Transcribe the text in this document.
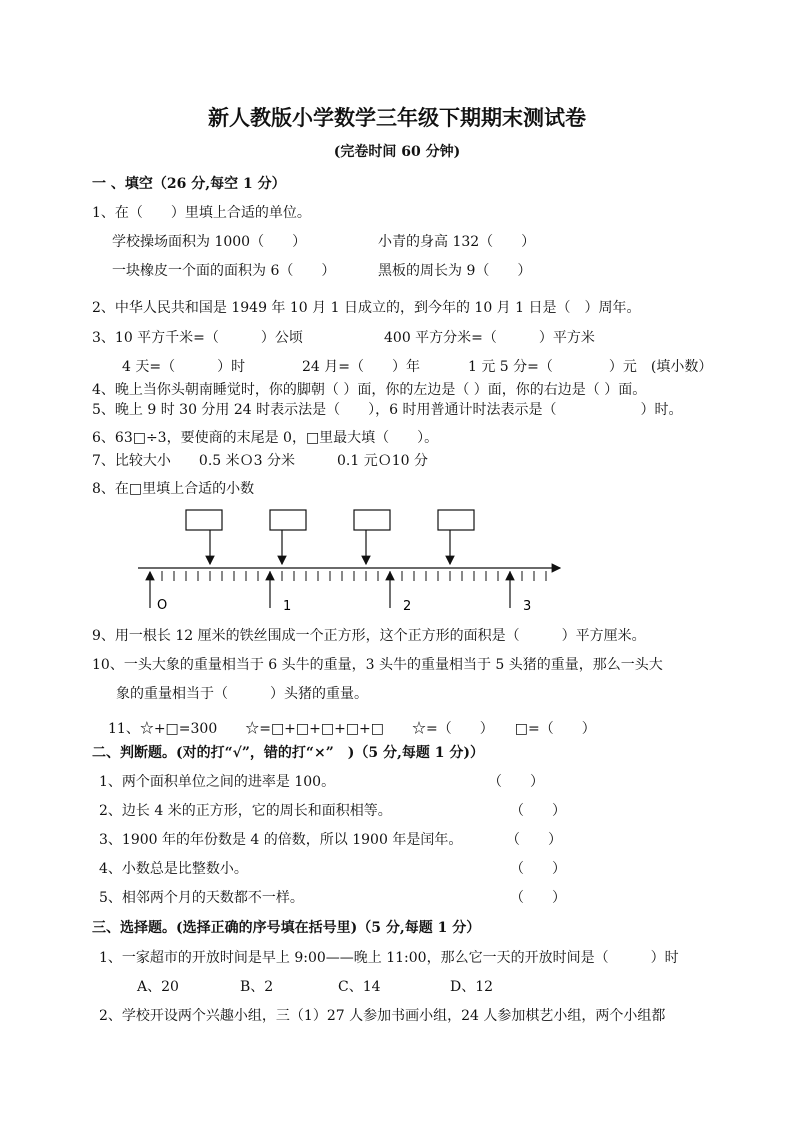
新人教版小学数学三年级下期期末测试卷
(完卷时间 60 分钟)
一 、填空（26 分,每空 1 分）
1、在（　　）里填上合适的单位。
学校操场面积为 1000（　　）	小青的身高 132（　　）
一块橡皮一个面的面积为 6（　　）	黑板的周长为 9（　　）
2、中华人民共和国是 1949 年 10 月 1 日成立的，到今年的 10 月 1 日是（　）周年。
3、10 平方千米=（　　　）公顷	400 平方分米=（　　　）平方米
4 天=（　　　）时	24 月=（　　）年	1 元 5 分=（　　　　）元　(填小数）
4、晚上当你头朝南睡觉时，你的脚朝（ ）面，你的左边是（ ）面，你的右边是（ ）面。
5、晚上 9 时 30 分用 24 时表示法是（　　），6 时用普通计时法表示是（　　　　　　）时。
6、63□÷3，要使商的末尾是 0，□里最大填（　　）。
7、比较大小　　0.5 米Ｏ3 分米　　　0.1 元Ｏ10 分
8、在□里填上合适的小数
O	1	2	3
9、用一根长 12 厘米的铁丝围成一个正方形，这个正方形的面积是（　　　）平方厘米。
10、一头大象的重量相当于 6 头牛的重量，3 头牛的重量相当于 5 头猪的重量，那么一头大
象的重量相当于（　　　）头猪的重量。
11、☆+□=300　　☆=□+□+□+□+□　　☆=（　　）　　□=（　　）
二、判断题。(对的打“√”，错的打“×”　)（5 分,每题 1 分)）
1、两个面积单位之间的进率是 100。	（　　）
2、边长 4 米的正方形，它的周长和面积相等。	（　　）
3、1900 年的年份数是 4 的倍数，所以 1900 年是闰年。	（　　）
4、小数总是比整数小。	（　　）
5、相邻两个月的天数都不一样。	（　　）
三、选择题。(选择正确的序号填在括号里)（5 分,每题 1 分）
1、一家超市的开放时间是早上 9:00——晚上 11:00，那么它一天的开放时间是（　　　）时
A、20	B、2	C、14	D、12
2、学校开设两个兴趣小组，三（1）27 人参加书画小组，24 人参加棋艺小组，两个小组都
